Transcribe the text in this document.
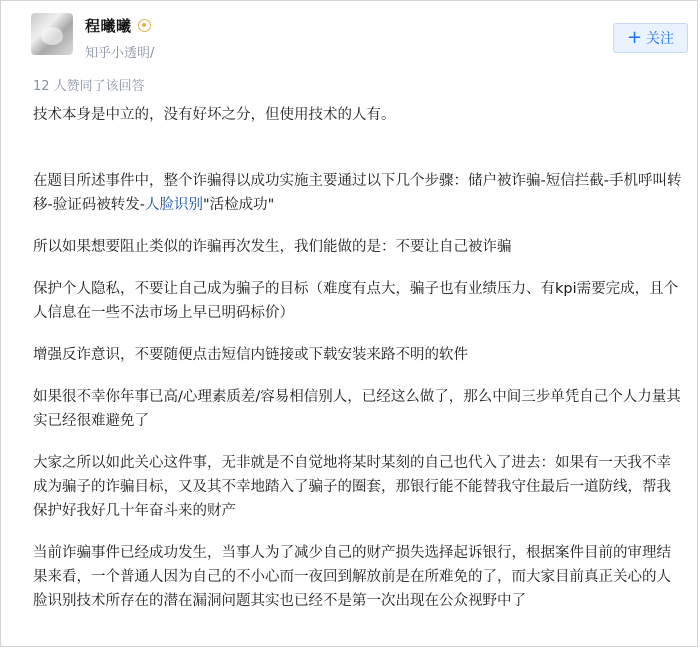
程曦曦
知乎小透明/
+ 关注
12 人赞同了该回答

技术本身是中立的，没有好坏之分，但使用技术的人有。

在题目所述事件中，整个诈骗得以成功实施主要通过以下几个步骤：储户被诈骗-短信拦截-手机呼叫转移-验证码被转发-人脸识别"活检成功"

所以如果想要阻止类似的诈骗再次发生，我们能做的是：不要让自己被诈骗

保护个人隐私，不要让自己成为骗子的目标（难度有点大，骗子也有业绩压力、有kpi需要完成，且个人信息在一些不法市场上早已明码标价）

增强反诈意识，不要随便点击短信内链接或下载安装来路不明的软件

如果很不幸你年事已高/心理素质差/容易相信别人，已经这么做了，那么中间三步单凭自己个人力量其实已经很难避免了

大家之所以如此关心这件事，无非就是不自觉地将某时某刻的自己也代入了进去：如果有一天我不幸成为骗子的诈骗目标，又及其不幸地踏入了骗子的圈套，那银行能不能替我守住最后一道防线，帮我保护好我好几十年奋斗来的财产

当前诈骗事件已经成功发生，当事人为了减少自己的财产损失选择起诉银行，根据案件目前的审理结果来看，一个普通人因为自己的不小心而一夜回到解放前是在所难免的了，而大家目前真正关心的人脸识别技术所存在的潜在漏洞问题其实也已经不是第一次出现在公众视野中了
